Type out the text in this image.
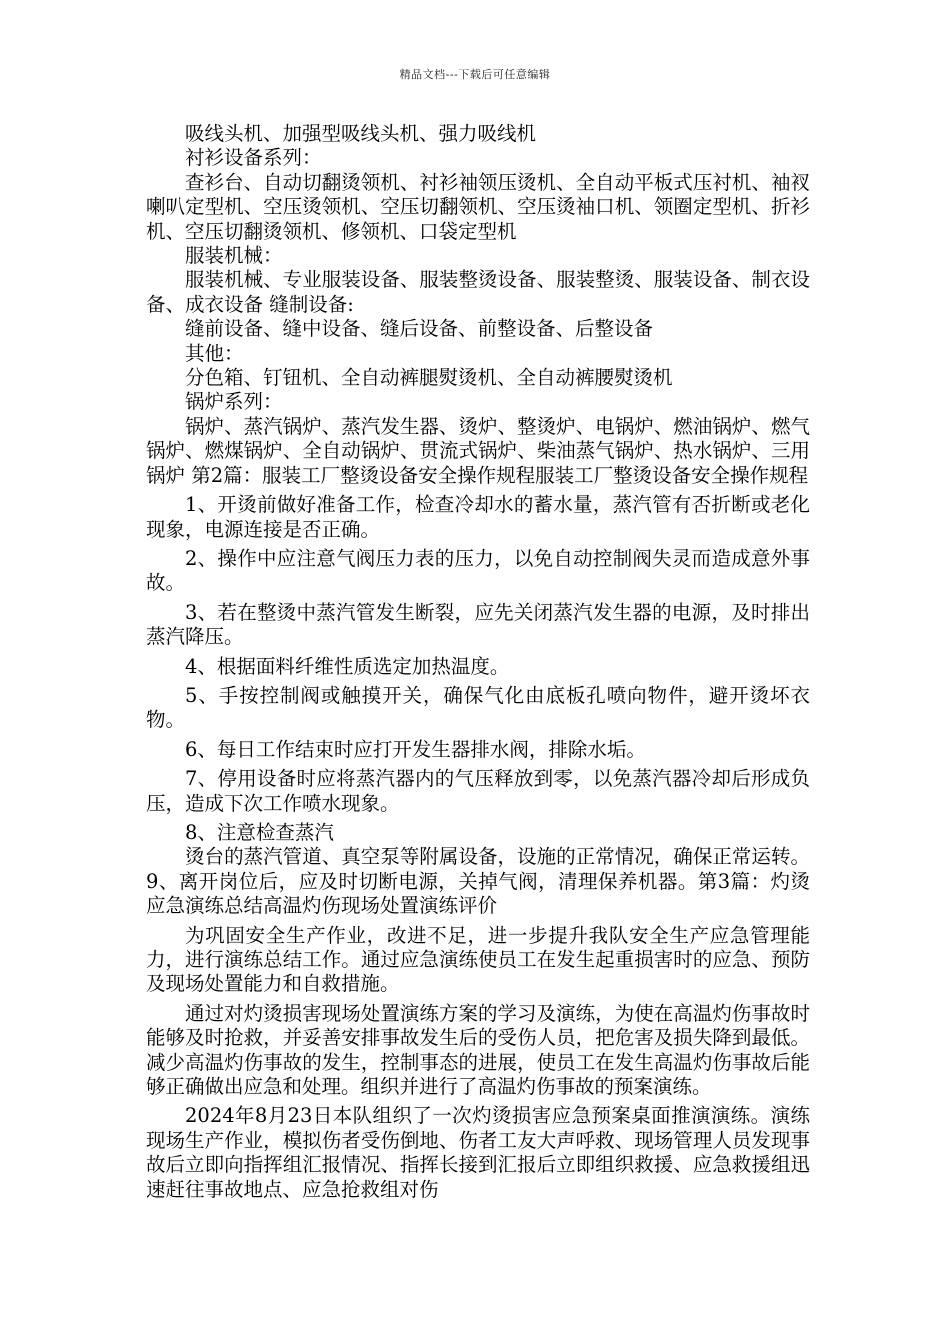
精品文档---下载后可任意编辑

吸线头机、加强型吸线头机、强力吸线机

衬衫设备系列：

查衫台、自动切翻烫领机、衬衫袖领压烫机、全自动平板式压衬机、袖衩喇叭定型机、空压烫领机、空压切翻领机、空压烫袖口机、领圈定型机、折衫机、空压切翻烫领机、修领机、口袋定型机

服装机械：

服装机械、专业服装设备、服装整烫设备、服装整烫、服装设备、制衣设备、成衣设备 缝制设备:

缝前设备、缝中设备、缝后设备、前整设备、后整设备

其他：

分色箱、钉钮机、全自动裤腿熨烫机、全自动裤腰熨烫机

锅炉系列：

锅炉、蒸汽锅炉、蒸汽发生器、烫炉、整烫炉、电锅炉、燃油锅炉、燃气锅炉、燃煤锅炉、全自动锅炉、贯流式锅炉、柴油蒸气锅炉、热水锅炉、三用锅炉 第2篇：服装工厂整烫设备安全操作规程服装工厂整烫设备安全操作规程

1、开烫前做好准备工作，检查冷却水的蓄水量，蒸汽管有否折断或老化现象，电源连接是否正确。

2、操作中应注意气阀压力表的压力，以免自动控制阀失灵而造成意外事故。

3、若在整烫中蒸汽管发生断裂，应先关闭蒸汽发生器的电源，及时排出蒸汽降压。

4、根据面料纤维性质选定加热温度。

5、手按控制阀或触摸开关，确保气化由底板孔喷向物件，避开烫坏衣物。

6、每日工作结束时应打开发生器排水阀，排除水垢。

7、停用设备时应将蒸汽器内的气压释放到零，以免蒸汽器冷却后形成负压，造成下次工作喷水现象。

8、注意检查蒸汽

烫台的蒸汽管道、真空泵等附属设备，设施的正常情况，确保正常运转。 9、离开岗位后，应及时切断电源，关掉气阀，清理保养机器。第3篇：灼烫应急演练总结高温灼伤现场处置演练评价

为巩固安全生产作业，改进不足，进一步提升我队安全生产应急管理能力，进行演练总结工作。通过应急演练使员工在发生起重损害时的应急、预防及现场处置能力和自救措施。

通过对灼烫损害现场处置演练方案的学习及演练，为使在高温灼伤事故时能够及时抢救，并妥善安排事故发生后的受伤人员，把危害及损失降到最低。减少高温灼伤事故的发生，控制事态的进展，使员工在发生高温灼伤事故后能够正确做出应急和处理。组织并进行了高温灼伤事故的预案演练。

2024年8月23日本队组织了一次灼烫损害应急预案桌面推演演练。演练现场生产作业，模拟伤者受伤倒地、伤者工友大声呼救、现场管理人员发现事故后立即向指挥组汇报情况、指挥长接到汇报后立即组织救援、应急救援组迅速赶往事故地点、应急抢救组对伤
